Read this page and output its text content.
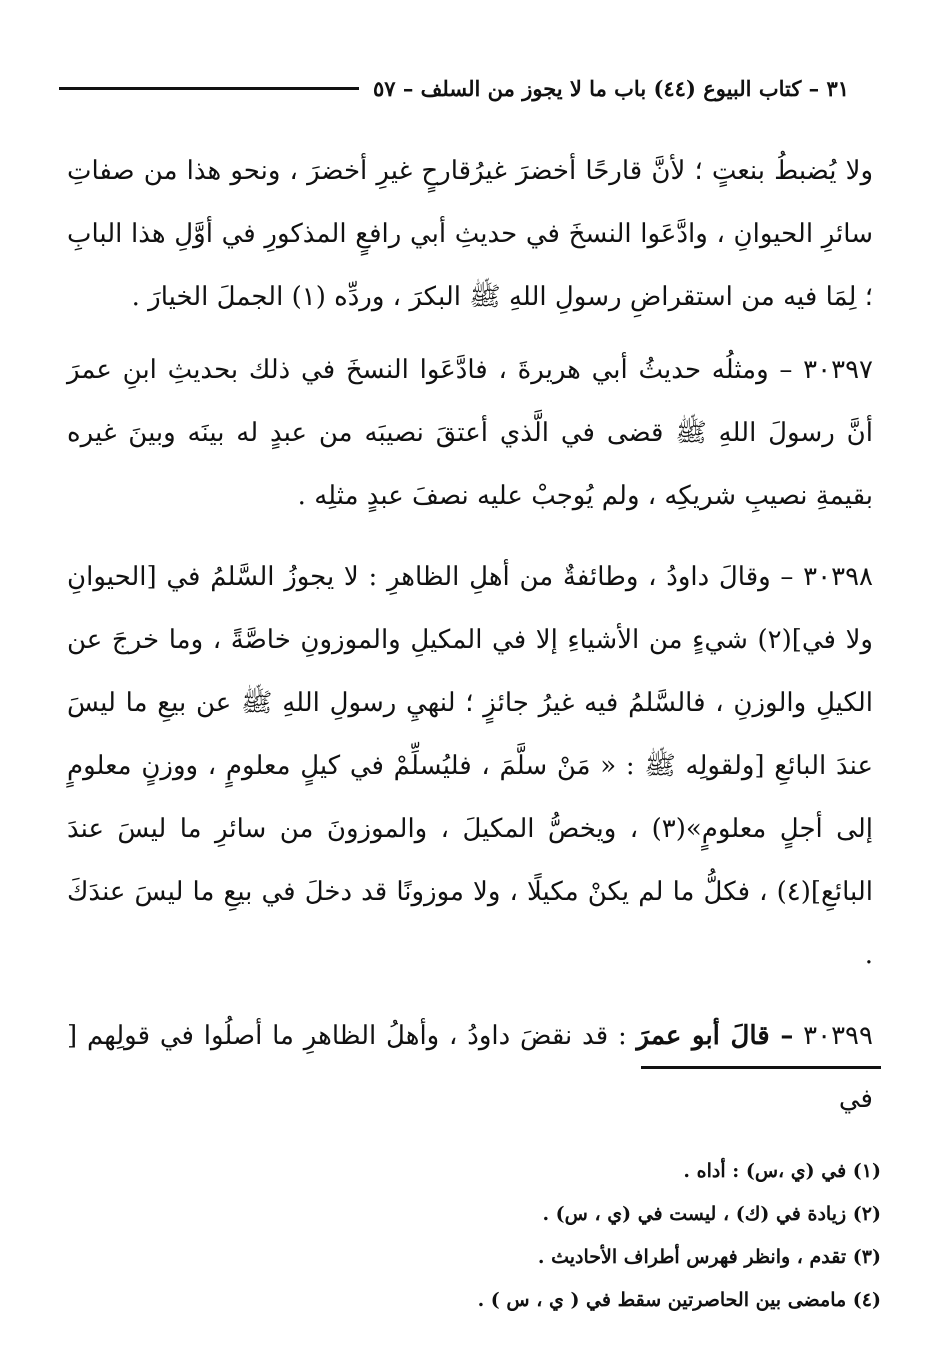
٣١ – كتاب البيوع (٤٤) باب ما لا يجوز من السلف – ٥٧

ولا يُضبطُ بنعتٍ ؛ لأنَّ قارحًا أخضرَ غيرُقارحٍ غيرِ أخضرَ ، ونحو هذا من صفاتِ سائرِ الحيوانِ ، وادَّعَوا النسخَ في حديثِ أبي رافعٍ المذكورِ في أوَّلِ هذا البابِ ؛ لِمَا فيه من استقراضِ رسولِ اللهِ ﷺ البكرَ ، وردِّه (١) الجملَ الخيارَ .

٣٠٣٩٧ – ومثلُه حديثُ أبي هريرةَ ، فادَّعَوا النسخَ في ذلك بحديثِ ابنِ عمرَ أنَّ رسولَ اللهِ ﷺ قضى في الَّذي أعتقَ نصيبَه من عبدٍ له بينَه وبينَ غيره بقيمةِ نصيبِ شريكِه ، ولم يُوجبْ عليه نصفَ عبدٍ مثلِه .

٣٠٣٩٨ – وقالَ داودُ ، وطائفةٌ من أهلِ الظاهرِ : لا يجوزُ السَّلمُ في [الحيوانِ ولا في](٢) شيءٍ من الأشياءِ إلا في المكيلِ والموزونِ خاصَّةً ، وما خرجَ عن الكيلِ والوزنِ ، فالسَّلمُ فيه غيرُ جائزٍ ؛ لنهيِ رسولِ اللهِ ﷺ عن بيعِ ما ليسَ عندَ البائعِ [ولقولِه ﷺ : « مَنْ سلَّمَ ، فليُسلِّمْ في كيلٍ معلومٍ ، ووزنٍ معلومٍ إلى أجلٍ معلومٍ»(٣) ، ويخصُّ المكيلَ ، والموزونَ من سائرِ ما ليسَ عندَ البائعِ](٤) ، فكلُّ ما لم يكنْ مكيلًا ، ولا موزونًا قد دخلَ في بيعِ ما ليسَ عندَكَ .

٣٠٣٩٩ – قالَ أبو عمرَ : قد نقضَ داودُ ، وأهلُ الظاهرِ ما أصلُوا في قولِهم [ في

(١) في (ي ،س) : أداه .
(٢) زيادة في (ك) ، ليست في (ي ، س) .
(٣) تقدم ، وانظر فهرس أطراف الأحاديث .
(٤) مامضى بين الحاصرتين سقط في ( ي ، س ) .
